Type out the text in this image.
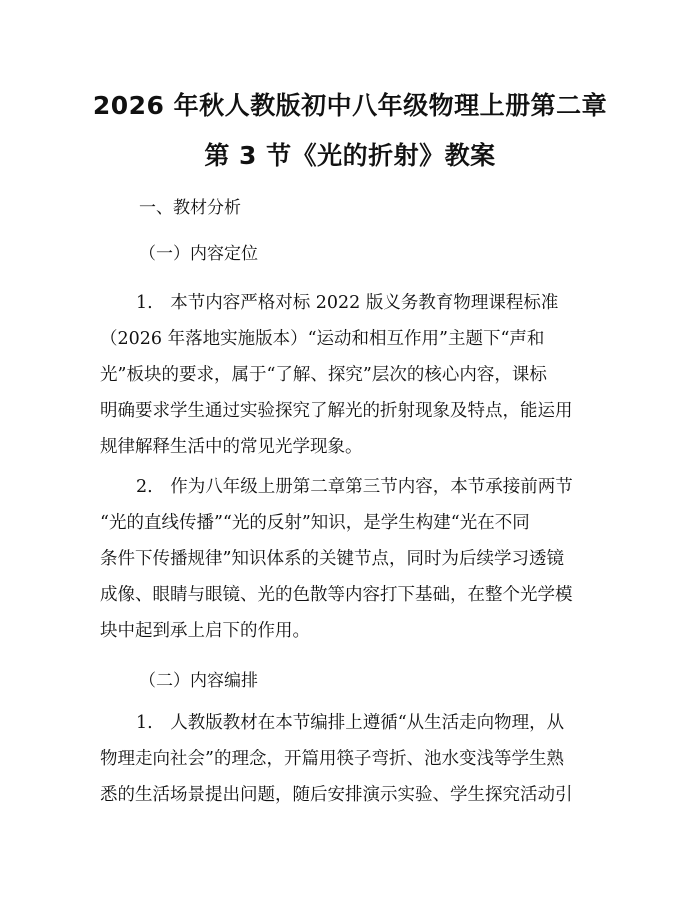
2026 年秋人教版初中八年级物理上册第二章
第 3 节《光的折射》教案
一、教材分析
（一）内容定位
1.　本节内容严格对标 2022 版义务教育物理课程标准
（2026 年落地实施版本）“运动和相互作用”主题下“声和
光”板块的要求，属于“了解、探究”层次的核心内容，课标
明确要求学生通过实验探究了解光的折射现象及特点，能运用
规律解释生活中的常见光学现象。
2.　作为八年级上册第二章第三节内容，本节承接前两节
“光的直线传播”“光的反射”知识，是学生构建“光在不同
条件下传播规律”知识体系的关键节点，同时为后续学习透镜
成像、眼睛与眼镜、光的色散等内容打下基础，在整个光学模
块中起到承上启下的作用。
（二）内容编排
1.　人教版教材在本节编排上遵循“从生活走向物理，从
物理走向社会”的理念，开篇用筷子弯折、池水变浅等学生熟
悉的生活场景提出问题，随后安排演示实验、学生探究活动引
